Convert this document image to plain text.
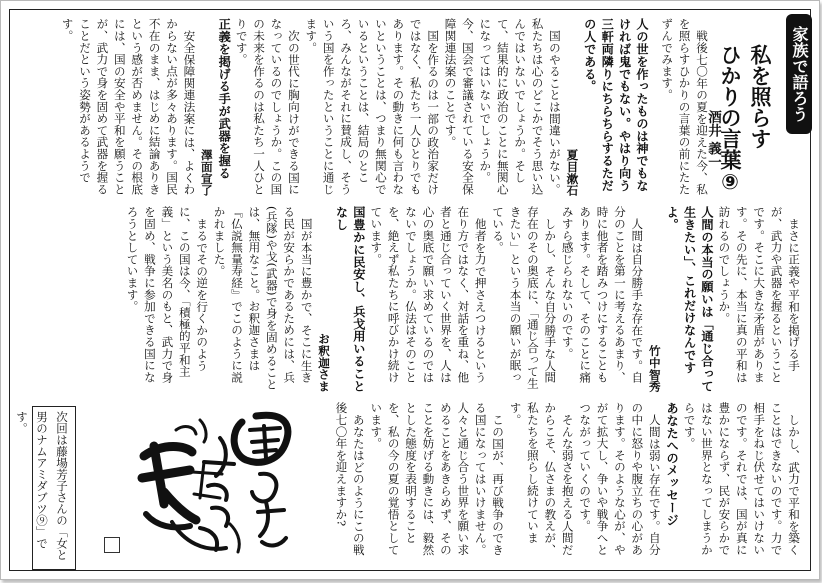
家族で語ろう
私を照らす
ひかりの言葉⑨
酒井 義一

戦後七〇年の夏を迎えた今、私を照らすひかりの言葉の前にたたずんでみます。

人の世を作ったものは神でもなければ鬼でもない。やはり向う三軒両隣りにちらちらするただの人である。
夏目漱石

国のやることは間違いがない。私たちは心のどこかでそう思い込んではいないでしょうか。そして、結果的に政治のことに無関心になってはいないでしょうか。今、国会で審議されている安全保障関連法案のことです。

国を作るのは一部の政治家だけではなく、私たち一人ひとりでもあります。その動きに何も言わないということは、つまり無関心でいるということは、結局のところ、みんながそれに賛成し、そういう国を作ったということに通じます。

次の世代に胸向けができる国になっているのでしょうか。この国の未来を作るのは私たち一人ひとりです。

正義を掲げる手が武器を握る
澤面宣了

安全保障関連法案には、よくわからない点が多々あります。国民不在のまま、はじめに結論ありきという感が否めません。その根底には、国の安全や平和を願うことが、武力で身を固めて武器を握ることだという姿勢があるようです。

まさに正義や平和を掲げる手が、武力や武器を握るということです。そこに大きな矛盾があります。その先に、本当に真の平和は訪れるのでしょうか。

人間の本当の願いは「通じ合って生きたい」、これだけなんですよ。
竹中智秀

人間は自分勝手な存在です。自分のことを第一に考えるあまり、時に他者を踏みつけにすることもあります。そして、そのことに痛みすら感じられないのです。

しかし、そんな自分勝手な人間存在のその奥底に、「通じ合って生きたい」という本当の願いが眠っている。

他者を力で押さえつけるという在り方ではなく、対話を重ね、他者と通じ合っていく世界を、人は心の奥底で願い求めているのではないでしょうか。仏法はそのことを、絶えず私たちに呼びかけ続けています。

国豊かに民安し、兵戈用いることなし
お釈迦さま

国が本当に豊かで、そこに生きる民が安らかであるためには、兵(兵隊)や戈(武器)で身を固めることは、無用なこと。お釈迦さまは『仏説無量寿経』でこのように説かれました。

まるでその逆を行くかのように、この国は今、「積極的平和主義」という美名のもと、武力で身を固め、戦争に参加できる国になろうとしています。

しかし、武力で平和を築くことはできないのです。力で相手をねじ伏せてはいけないのです。それでは、国が真に豊かにならず、民が安らかではない世界となってしまうからです。

あなたへのメッセージ

人間は弱い存在です。自分の中に怒りや腹立ちの心があります。そのような心が、やがて拡大し、争いや戦争へとつながっていくのです。

そんな弱さを抱える人間だからこそ、仏さまの教えが、私たちを照らし続けています。

この国が、再び戦争のできる国になってはいけません。人々と通じ合う世界を願い求めることをあきらめず、そのことを妨げる動きには、毅然とした態度を表明することを、私の今の夏の覚悟としています。

あなたはどのようにこの戦後七〇年を迎えますか?

次回は藤場芳子さんの「女と男のナムアミダブツ⑨」です。
